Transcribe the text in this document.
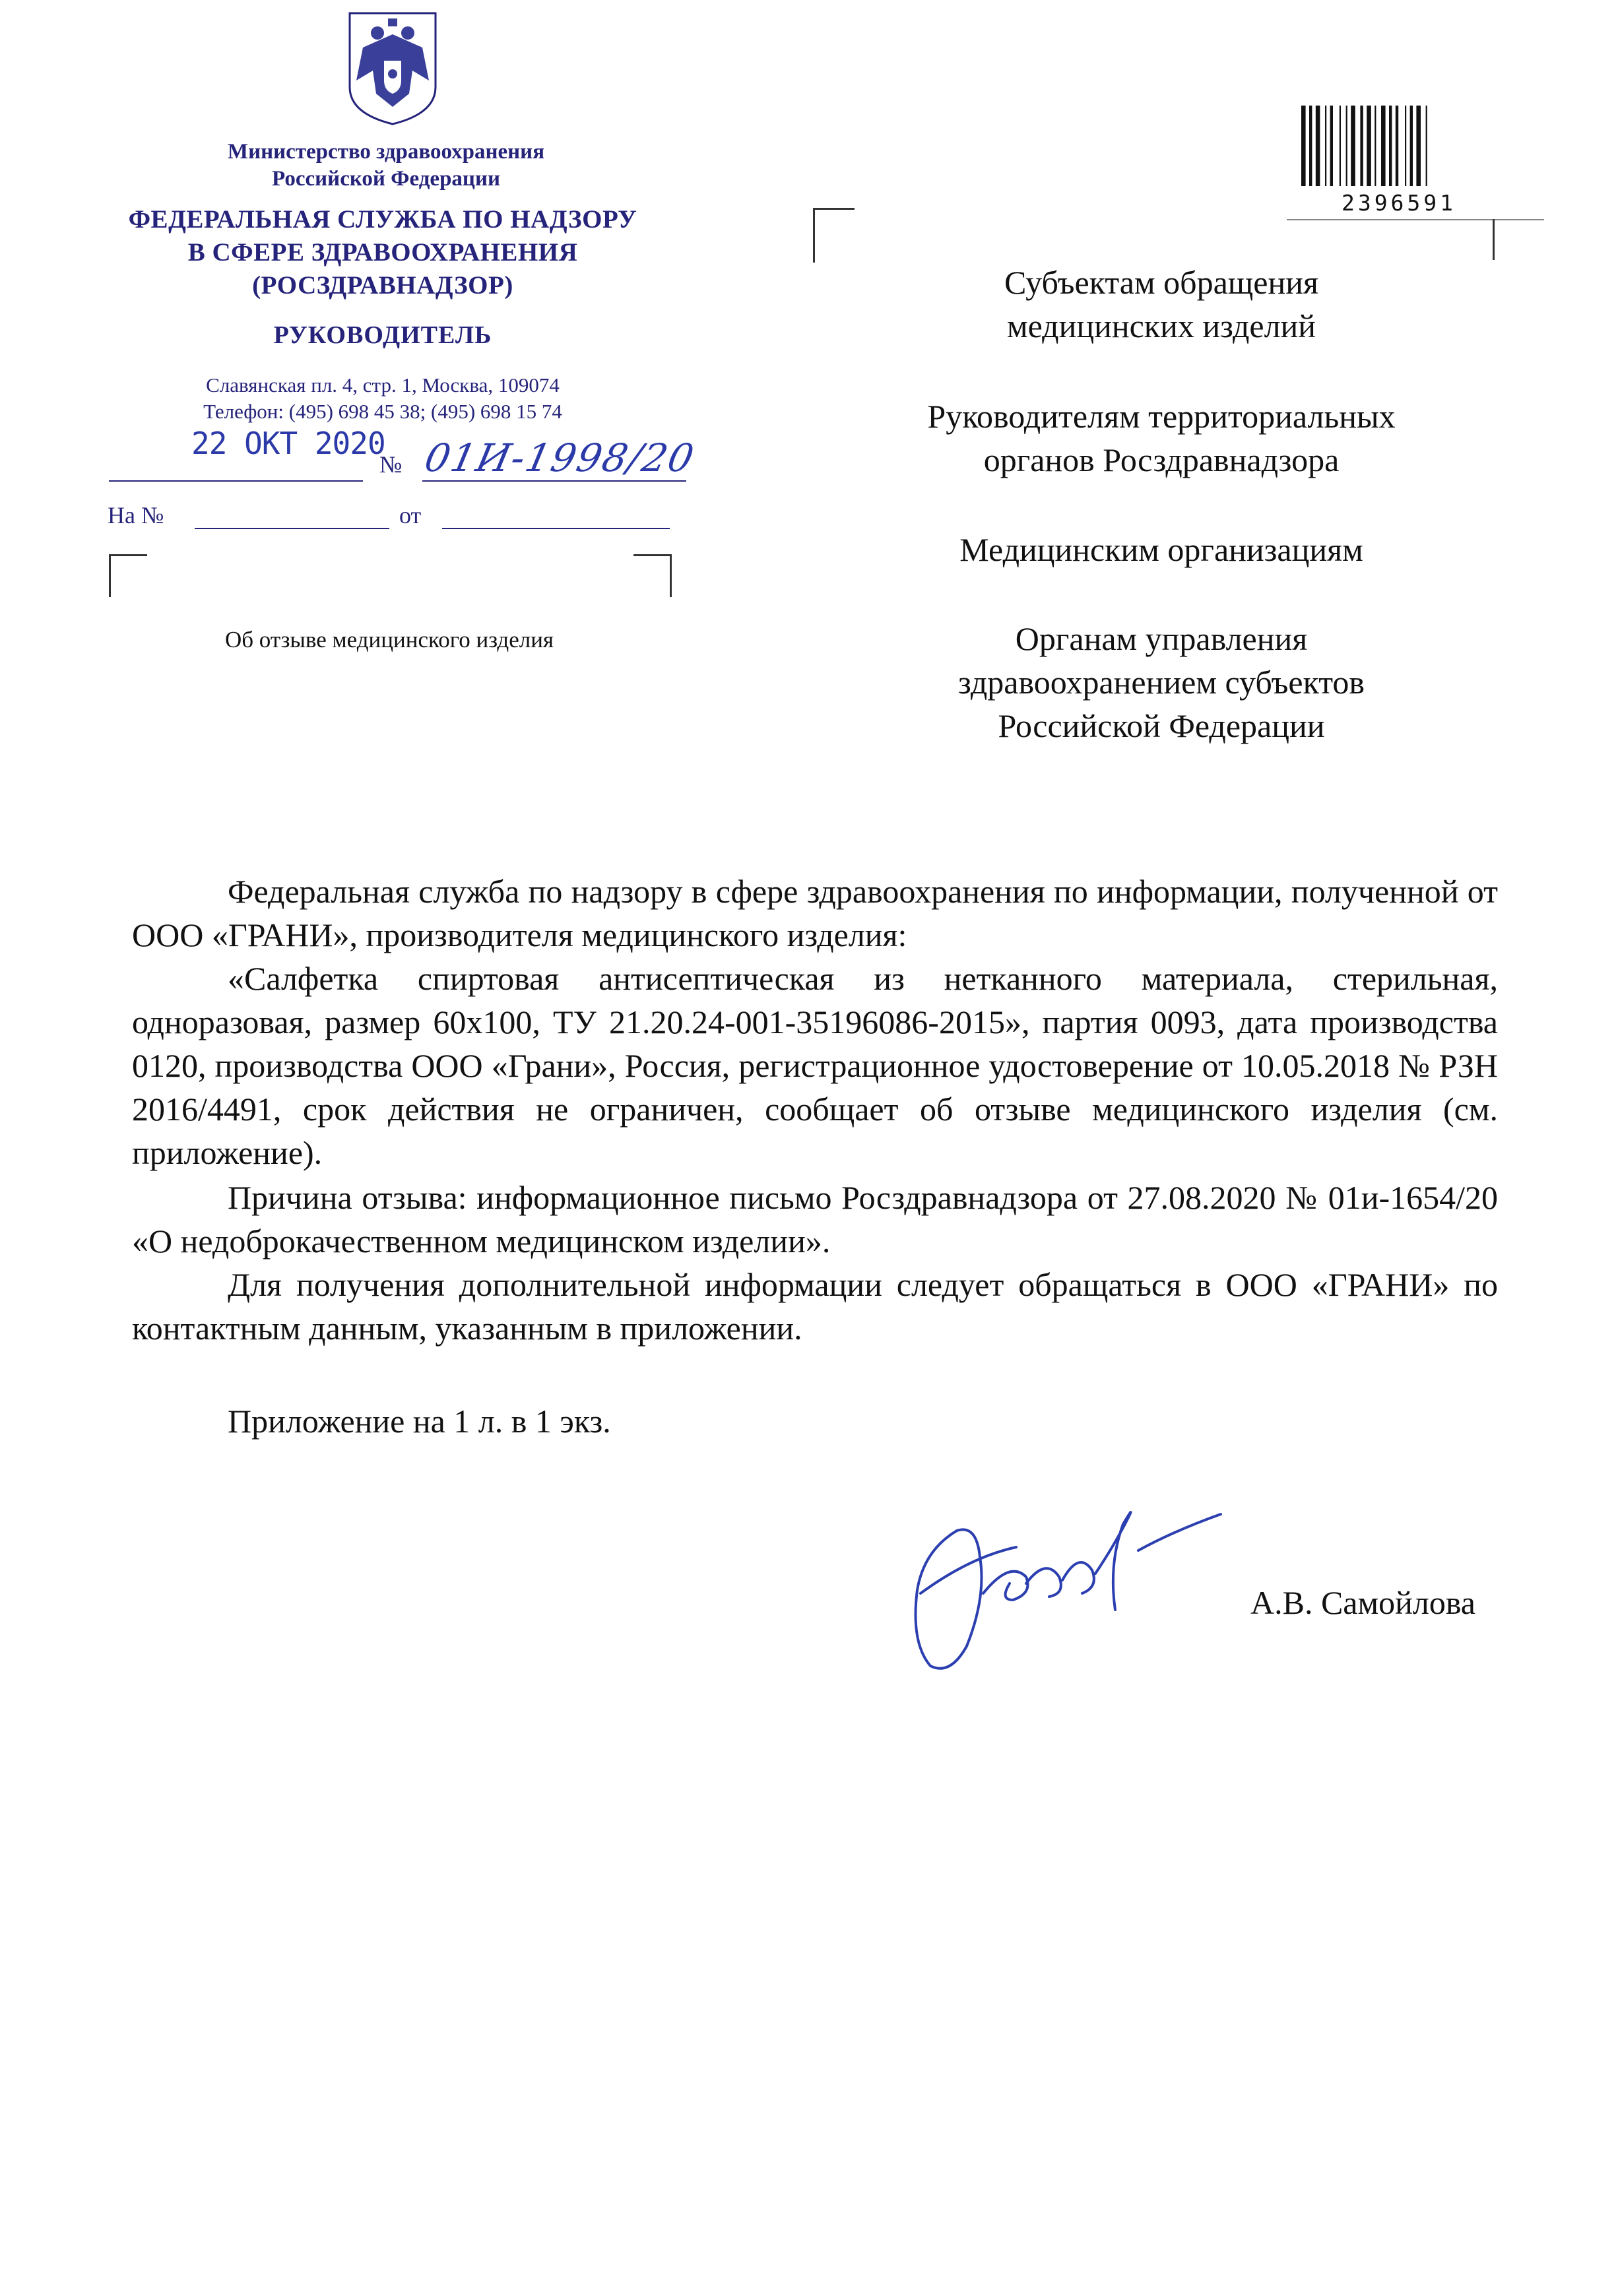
Министерство здравоохранения
Российской Федерации
ФЕДЕРАЛЬНАЯ СЛУЖБА ПО НАДЗОРУ
В СФЕРЕ ЗДРАВООХРАНЕНИЯ
(РОСЗДРАВНАДЗОР)
РУКОВОДИТЕЛЬ
Славянская пл. 4, стр. 1, Москва, 109074
Телефон: (495) 698 45 38; (495) 698 15 74
22 ОКТ 2020
№ 01И-1998/20
На №	от
Об отзыве медицинского изделия
2396591
Субъектам обращения
медицинских изделий
Руководителям территориальных
органов Росздравнадзора
Медицинским организациям
Органам управления
здравоохранением субъектов
Российской Федерации
Федеральная служба по надзору в сфере здравоохранения по информации, полученной от ООО «ГРАНИ», производителя медицинского изделия:
«Салфетка спиртовая антисептическая из нетканного материала, стерильная, одноразовая, размер 60х100, ТУ 21.20.24-001-35196086-2015», партия 0093, дата производства 0120, производства ООО «Грани», Россия, регистрационное удостоверение от 10.05.2018 № РЗН 2016/4491, срок действия не ограничен, сообщает об отзыве медицинского изделия (см. приложение).
Причина отзыва: информационное письмо Росздравнадзора от 27.08.2020 № 01и-1654/20 «О недоброкачественном медицинском изделии».
Для получения дополнительной информации следует обращаться в ООО «ГРАНИ» по контактным данным, указанным в приложении.
Приложение на 1 л. в 1 экз.
А.В. Самойлова
